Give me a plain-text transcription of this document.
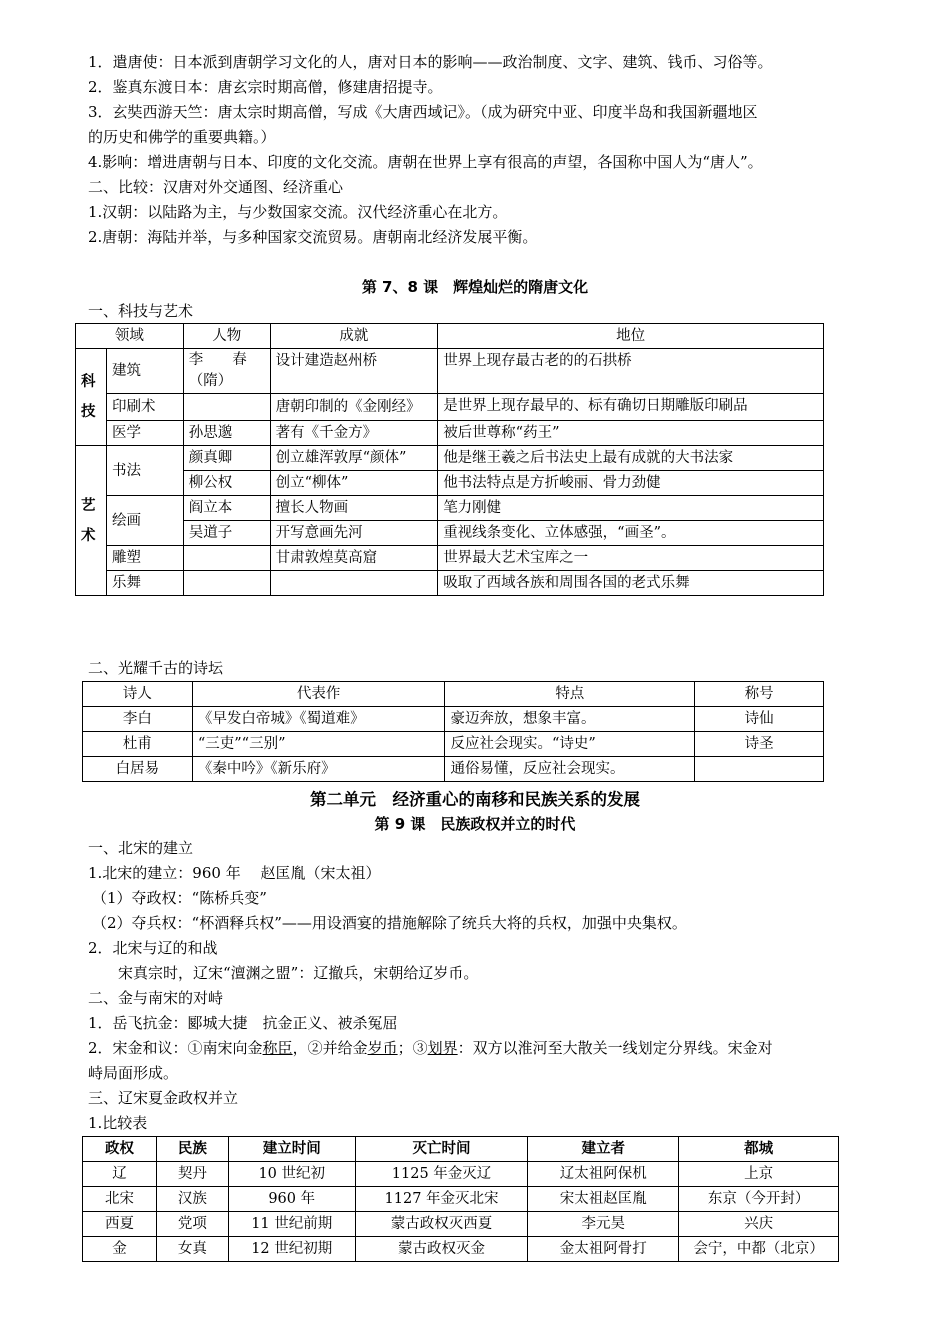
1．遣唐使：日本派到唐朝学习文化的人，唐对日本的影响——政治制度、文字、建筑、钱币、习俗等。
2．鉴真东渡日本：唐玄宗时期高僧，修建唐招提寺。
3．玄奘西游天竺：唐太宗时期高僧，写成《大唐西域记》。（成为研究中亚、印度半岛和我国新疆地区
的历史和佛学的重要典籍。）
4.影响：增进唐朝与日本、印度的文化交流。唐朝在世界上享有很高的声望，各国称中国人为“唐人”。
二、比较：汉唐对外交通图、经济重心
1.汉朝：以陆路为主，与少数国家交流。汉代经济重心在北方。
2.唐朝：海陆并举，与多种国家交流贸易。唐朝南北经济发展平衡。
第 7、8 课　辉煌灿烂的隋唐文化
一、科技与艺术
领域		人物	成就	地位
科技	建筑	李　　春（隋）	设计建造赵州桥	世界上现存最古老的的石拱桥
	印刷术		唐朝印制的《金刚经》	是世界上现存最早的、标有确切日期雕版印刷品
	医学	孙思邈	著有《千金方》	被后世尊称“药王”
艺术	书法	颜真卿	创立雄浑敦厚“颜体”	他是继王羲之后书法史上最有成就的大书法家
		柳公权	创立“柳体”	他书法特点是方折峻丽、骨力劲健
	绘画	阎立本	擅长人物画	笔力刚健
		吴道子	开写意画先河	重视线条变化、立体感强，“画圣”。
	雕塑		甘肃敦煌莫高窟	世界最大艺术宝库之一
	乐舞			吸取了西域各族和周围各国的老式乐舞
二、光耀千古的诗坛
诗人	代表作	特点	称号
李白	《早发白帝城》《蜀道难》	豪迈奔放，想象丰富。	诗仙
杜甫	“三吏”“三别”	反应社会现实。“诗史”	诗圣
白居易	《秦中吟》《新乐府》	通俗易懂，反应社会现实。	
第二单元　经济重心的南移和民族关系的发展
第 9 课　民族政权并立的时代
一、北宋的建立
1.北宋的建立：960 年　 赵匡胤（宋太祖）
（1）夺政权：“陈桥兵变”
（2）夺兵权：“杯酒释兵权”——用设酒宴的措施解除了统兵大将的兵权，加强中央集权。
2．北宋与辽的和战
宋真宗时，辽宋“澶渊之盟”：辽撤兵，宋朝给辽岁币。
二、金与南宋的对峙
1．岳飞抗金：郾城大捷　抗金正义、被杀冤屈
2．宋金和议：①南宋向金称臣，②并给金岁币；③划界：双方以淮河至大散关一线划定分界线。宋金对
峙局面形成。
三、辽宋夏金政权并立
1.比较表
政权	民族	建立时间	灭亡时间	建立者	都城
辽	契丹	10 世纪初	1125 年金灭辽	辽太祖阿保机	上京
北宋	汉族	960 年	1127 年金灭北宋	宋太祖赵匡胤	东京（今开封）
西夏	党项	11 世纪前期	蒙古政权灭西夏	李元昊	兴庆
金	女真	12 世纪初期	蒙古政权灭金	金太祖阿骨打	会宁，中都（北京）
